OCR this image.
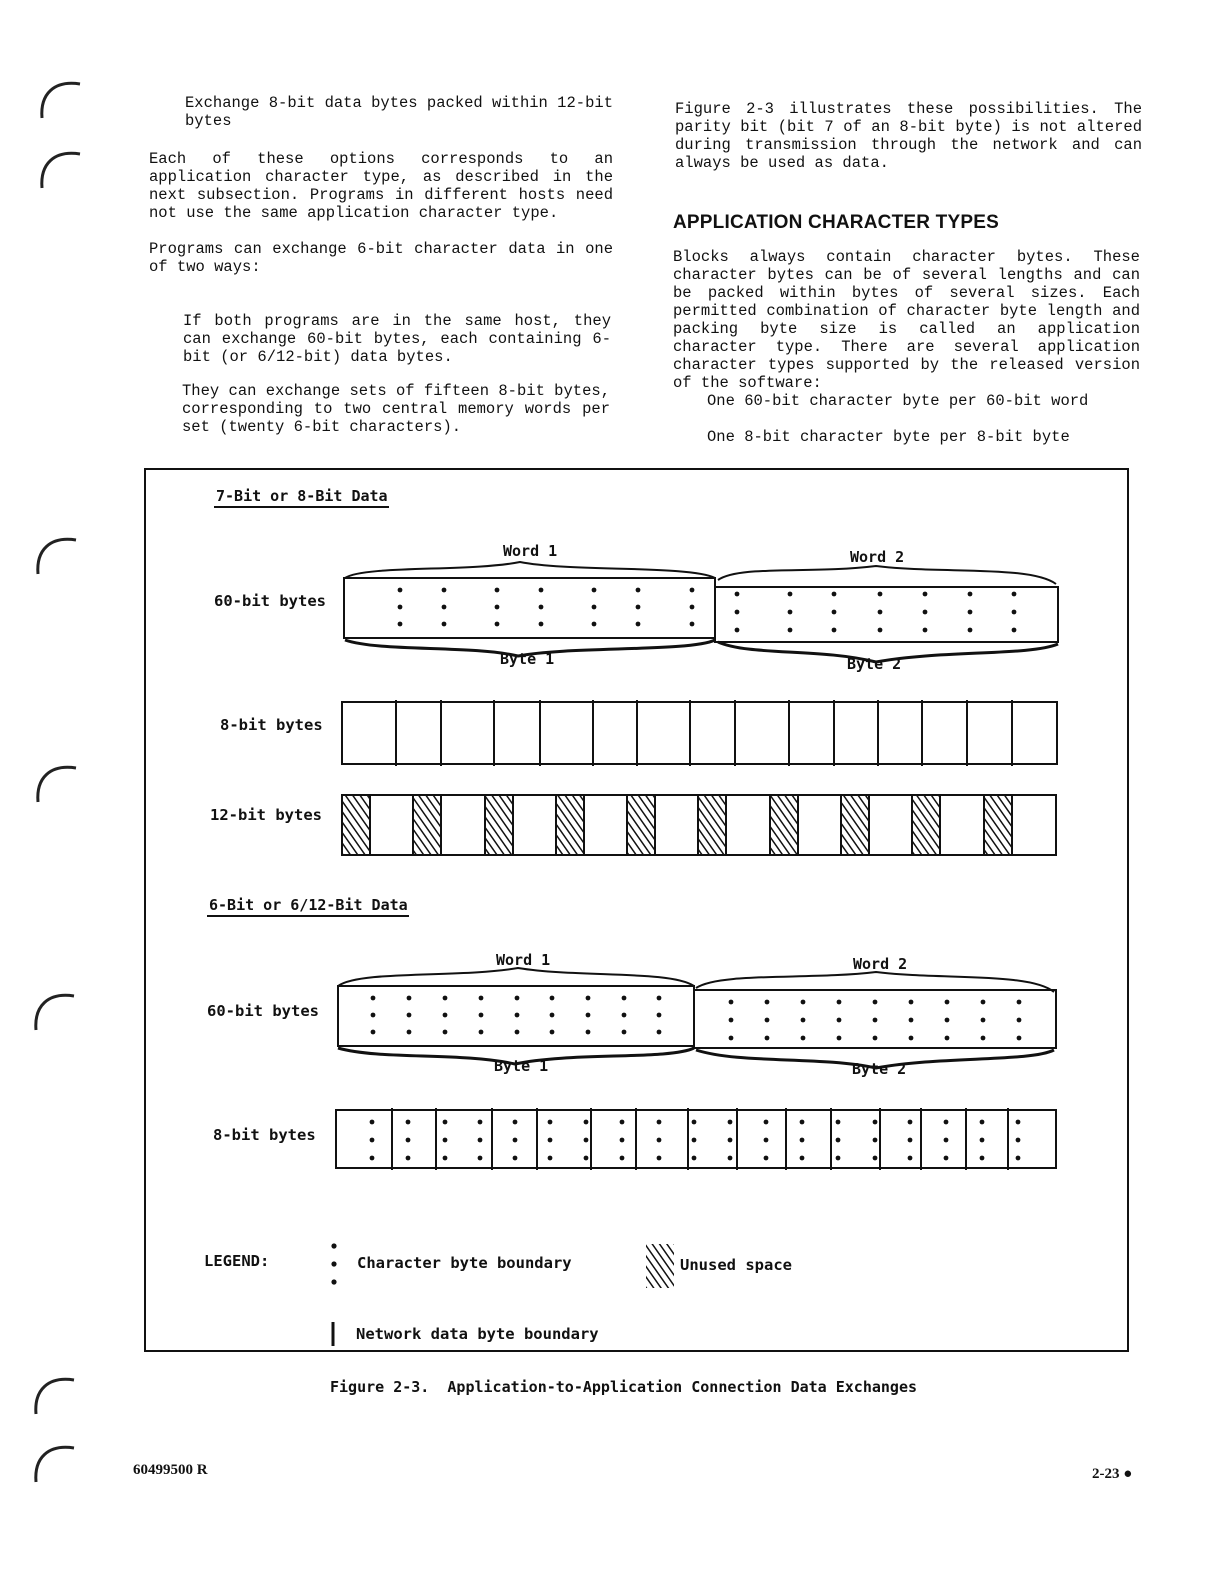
Exchange 8-bit data bytes packed within 12-bit bytes

Each of these options corresponds to an application character type, as described in the next subsection. Programs in different hosts need not use the same application character type.

Programs can exchange 6-bit character data in one of two ways:

If both programs are in the same host, they can exchange 60-bit bytes, each containing 6-bit (or 6/12-bit) data bytes.

They can exchange sets of fifteen 8-bit bytes, corresponding to two central memory words per set (twenty 6-bit characters).

Figure 2-3 illustrates these possibilities. The parity bit (bit 7 of an 8-bit byte) is not altered during transmission through the network and can always be used as data.

APPLICATION CHARACTER TYPES

Blocks always contain character bytes. These character bytes can be of several lengths and can be packed within bytes of several sizes. Each permitted combination of character byte length and packing byte size is called an application character type. There are several application character types supported by the released version of the software:

One 60-bit character byte per 60-bit word

One 8-bit character byte per 8-bit byte

7-Bit or 8-Bit Data
6-Bit or 6/12-Bit Data
60-bit bytes
8-bit bytes
12-bit bytes
60-bit bytes
8-bit bytes
Word 1	Word 2
Byte 1	Byte 2
Word 1	Word 2
Byte 1	Byte 2
LEGEND:	Character byte boundary	Unused space
Network data byte boundary
Figure 2-3.  Application-to-Application Connection Data Exchanges
60499500 R	2-23 ●
